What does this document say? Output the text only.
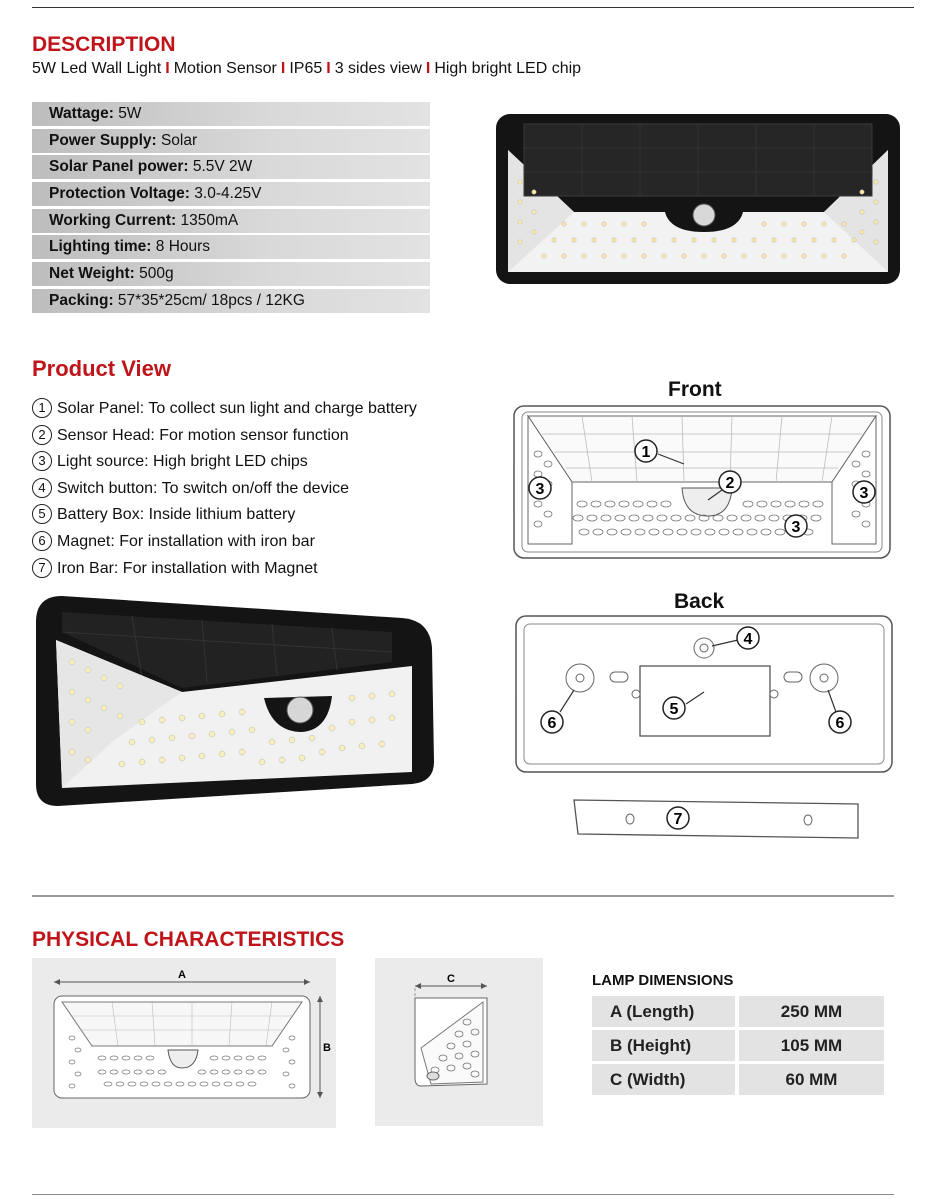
DESCRIPTION
5W Led Wall Light I Motion Sensor I IP65 I 3 sides view I High bright LED chip
Wattage: 5W
Power Supply: Solar
Solar Panel power: 5.5V 2W
Protection Voltage: 3.0-4.25V
Working Current: 1350mA
Lighting time: 8 Hours
Net Weight: 500g
Packing: 57*35*25cm/ 18pcs / 12KG
Product View
1 Solar Panel: To collect sun light and charge battery
2 Sensor Head: For motion sensor function
3 Light source: High bright LED chips
4 Switch button: To switch on/off the device
5 Battery Box: Inside lithium battery
6 Magnet: For installation with iron bar
7 Iron Bar: For installation with Magnet
Front
1
2
3	3
3
Back
4
5
6	6
7
PHYSICAL CHARACTERISTICS
A
B
C	LAMP DIMENSIONS
A (Length)	250 MM
B (Height)	105 MM
C (Width)	60 MM
